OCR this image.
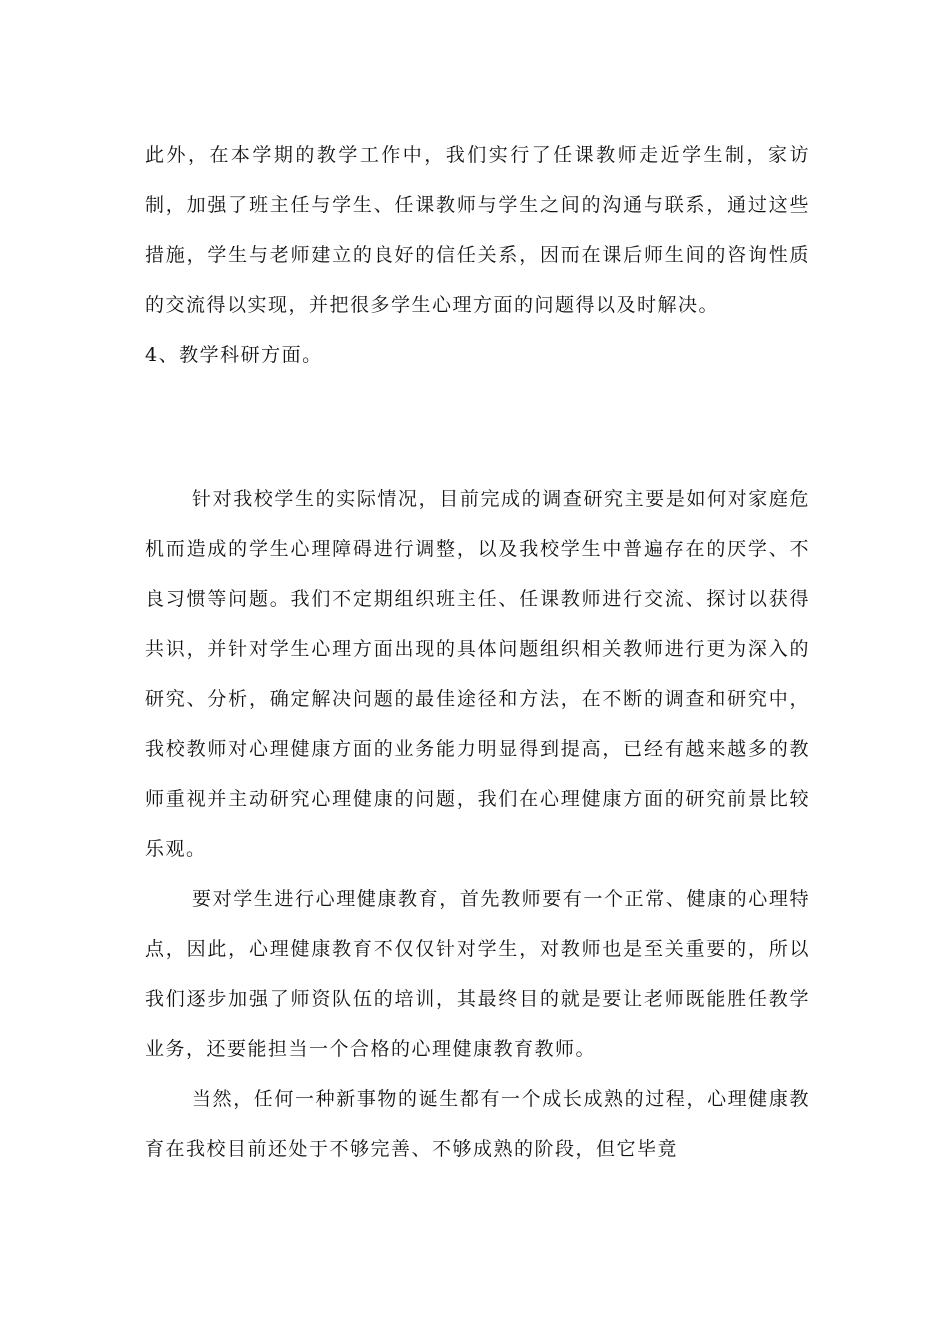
此外，在本学期的教学工作中，我们实行了任课教师走近学生制，家访制，加强了班主任与学生、任课教师与学生之间的沟通与联系，通过这些措施，学生与老师建立的良好的信任关系，因而在课后师生间的咨询性质的交流得以实现，并把很多学生心理方面的问题得以及时解决。

4、教学科研方面。

针对我校学生的实际情况，目前完成的调查研究主要是如何对家庭危机而造成的学生心理障碍进行调整，以及我校学生中普遍存在的厌学、不良习惯等问题。我们不定期组织班主任、任课教师进行交流、探讨以获得共识，并针对学生心理方面出现的具体问题组织相关教师进行更为深入的研究、分析，确定解决问题的最佳途径和方法，在不断的调查和研究中，我校教师对心理健康方面的业务能力明显得到提高，已经有越来越多的教师重视并主动研究心理健康的问题，我们在心理健康方面的研究前景比较乐观。

要对学生进行心理健康教育，首先教师要有一个正常、健康的心理特点，因此，心理健康教育不仅仅针对学生，对教师也是至关重要的，所以我们逐步加强了师资队伍的培训，其最终目的就是要让老师既能胜任教学业务，还要能担当一个合格的心理健康教育教师。

当然，任何一种新事物的诞生都有一个成长成熟的过程，心理健康教育在我校目前还处于不够完善、不够成熟的阶段，但它毕竟
